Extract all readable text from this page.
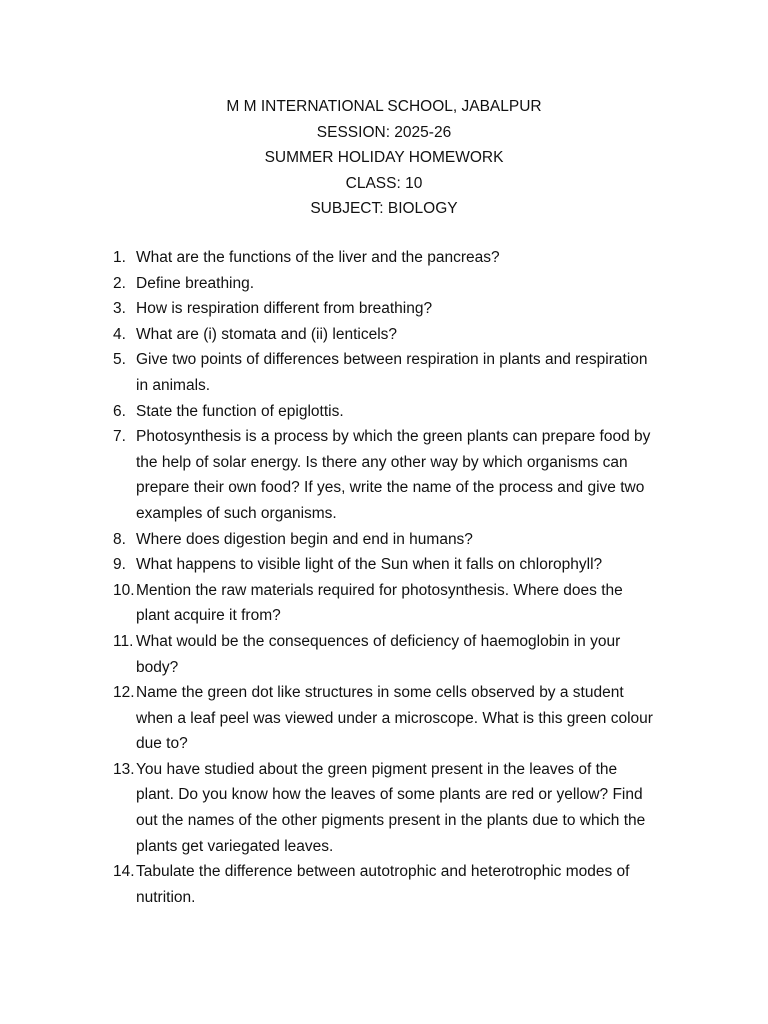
M M INTERNATIONAL SCHOOL, JABALPUR
SESSION: 2025-26
SUMMER HOLIDAY HOMEWORK
CLASS: 10
SUBJECT: BIOLOGY
1. What are the functions of the liver and the pancreas?
2. Define breathing.
3. How is respiration different from breathing?
4. What are (i) stomata and (ii) lenticels?
5. Give two points of differences between respiration in plants and respiration
in animals.
6. State the function of epiglottis.
7. Photosynthesis is a process by which the green plants can prepare food by
the help of solar energy. Is there any other way by which organisms can
prepare their own food? If yes, write the name of the process and give two
examples of such organisms.
8. Where does digestion begin and end in humans?
9. What happens to visible light of the Sun when it falls on chlorophyll?
10. Mention the raw materials required for photosynthesis. Where does the
plant acquire it from?
11. What would be the consequences of deficiency of haemoglobin in your
body?
12. Name the green dot like structures in some cells observed by a student
when a leaf peel was viewed under a microscope. What is this green colour
due to?
13. You have studied about the green pigment present in the leaves of the
plant. Do you know how the leaves of some plants are red or yellow? Find
out the names of the other pigments present in the plants due to which the
plants get variegated leaves.
14. Tabulate the difference between autotrophic and heterotrophic modes of
nutrition.
